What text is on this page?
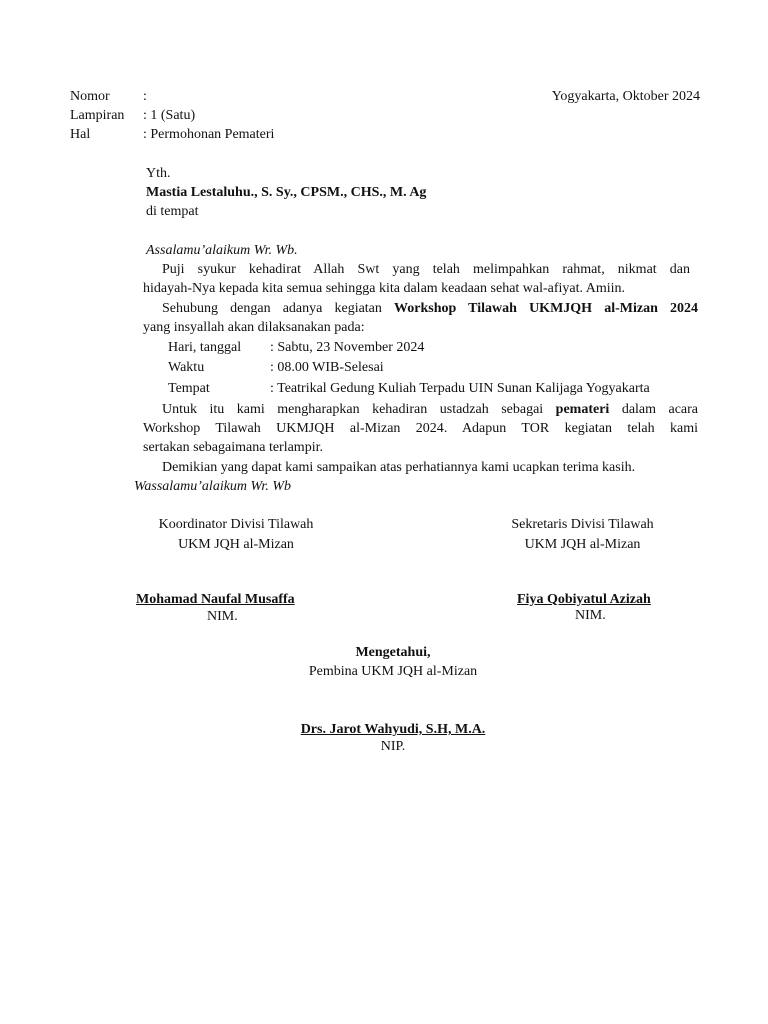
Nomor :
Lampiran : 1 (Satu)
Hal	: Permohonan Pemateri
Yogyakarta, Oktober 2024
Yth.
Mastia Lestaluhu., S. Sy., CPSM., CHS., M. Ag
di tempat
Assalamu’alaikum Wr. Wb.
Puji syukur kehadirat Allah Swt yang telah melimpahkan rahmat, nikmat dan
hidayah-Nya kepada kita semua sehingga kita dalam keadaan sehat wal-afiyat. Amiin.
Sehubung dengan adanya kegiatan Workshop Tilawah UKMJQH al-Mizan 2024
yang insyallah akan dilaksanakan pada:
Hari, tanggal : Sabtu, 23 November 2024
Waktu	: 08.00 WIB-Selesai
Tempat	: Teatrikal Gedung Kuliah Terpadu UIN Sunan Kalijaga Yogyakarta
Untuk itu kami mengharapkan kehadiran ustadzah sebagai pemateri dalam acara
Workshop Tilawah UKMJQH al-Mizan 2024. Adapun TOR kegiatan telah kami
sertakan sebagaimana terlampir.
Demikian yang dapat kami sampaikan atas perhatiannya kami ucapkan terima kasih.
Wassalamu’alaikum Wr. Wb
Koordinator Divisi Tilawah
UKM JQH al-Mizan
Sekretaris Divisi Tilawah
UKM JQH al-Mizan
Mohamad Naufal Musaffa
NIM.
Fiya Qobiyatul Azizah
NIM.
Mengetahui,
Pembina UKM JQH al-Mizan
Drs. Jarot Wahyudi, S.H, M.A.
NIP.
